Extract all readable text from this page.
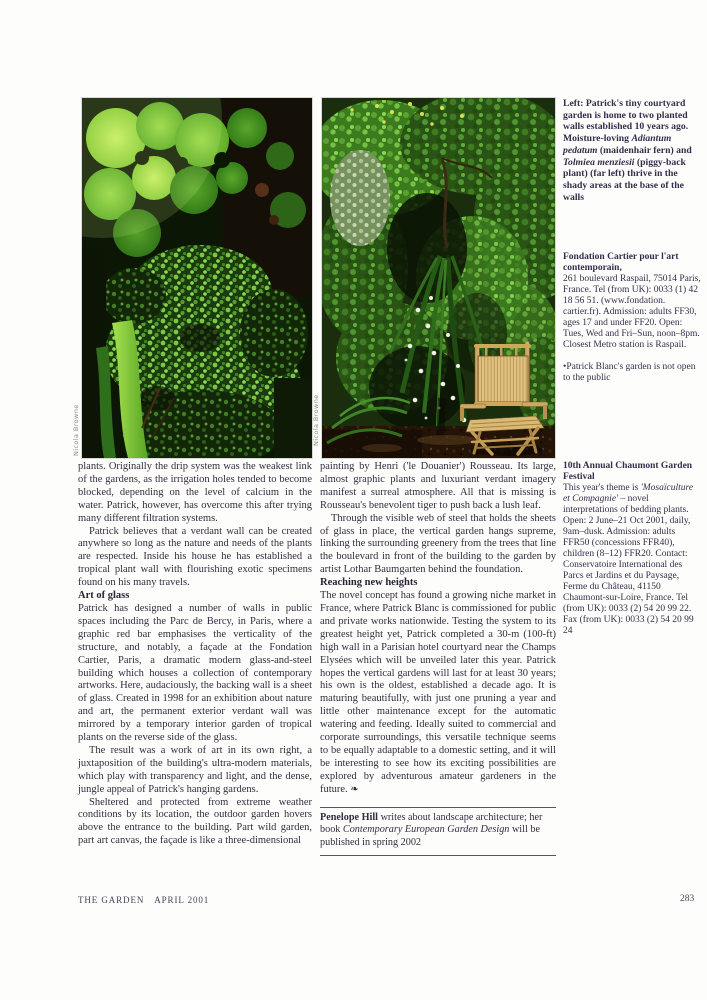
Nicola Browne	Nicola Browne
Left: Patrick's tiny courtyard garden is home to two planted walls established 10 years ago. Moisture-loving Adiantum pedatum (maidenhair fern) and Tolmiea menziesii (piggy-back plant) (far left) thrive in the shady areas at the base of the walls

Fondation Cartier pour l'art contemporain,

261 boulevard Raspail, 75014 Paris, France. Tel (from UK): 0033 (1) 42 18 56 51. (www.fondation. cartier.fr). Admission: adults FF30, ages 17 and under FF20. Open: Tues, Wed and Fri–Sun, noon–8pm. Closest Metro station is Raspail.

•Patrick Blanc's garden is not open to the public

10th Annual Chaumont Garden Festival

This year's theme is 'Mosaïculture et Compagnie' – novel interpretations of bedding plants. Open: 2 June–21 Oct 2001, daily, 9am–dusk. Admission: adults FFR50 (concessions FFR40), children (8–12) FFR20. Contact: Conservatoire International des Parcs et Jardins et du Paysage, Ferme du Château, 41150 Chaumont-sur-Loire, France. Tel (from UK): 0033 (2) 54 20 99 22. Fax (from UK): 0033 (2) 54 20 99 24

plants. Originally the drip system was the weakest link of the gardens, as the irrigation holes tended to become blocked, depending on the level of calcium in the water. Patrick, however, has overcome this after trying many different filtration systems.

Patrick believes that a verdant wall can be created anywhere so long as the nature and needs of the plants are respected. Inside his house he has established a tropical plant wall with flourishing exotic specimens found on his many travels.

Art of glass

Patrick has designed a number of walls in public spaces including the Parc de Bercy, in Paris, where a graphic red bar emphasises the verticality of the structure, and notably, a façade at the Fondation Cartier, Paris, a dramatic modern glass-and-steel building which houses a collection of contemporary artworks. Here, audaciously, the backing wall is a sheet of glass. Created in 1998 for an exhibition about nature and art, the permanent exterior verdant wall was mirrored by a temporary interior garden of tropical plants on the reverse side of the glass.

The result was a work of art in its own right, a juxtaposition of the building's ultra-modern materials, which play with transparency and light, and the dense, jungle appeal of Patrick's hanging gardens.

Sheltered and protected from extreme weather conditions by its location, the outdoor garden hovers above the entrance to the building. Part wild garden, part art canvas, the façade is like a three-dimensional

painting by Henri ('le Douanier') Rousseau. Its large, almost graphic plants and luxuriant verdant imagery manifest a surreal atmosphere. All that is missing is Rousseau's benevolent tiger to push back a lush leaf.

Through the visible web of steel that holds the sheets of glass in place, the vertical garden hangs supreme, linking the surrounding greenery from the trees that line the boulevard in front of the building to the garden by artist Lothar Baumgarten behind the foundation.

Reaching new heights

The novel concept has found a growing niche market in France, where Patrick Blanc is commissioned for public and private works nationwide. Testing the system to its greatest height yet, Patrick completed a 30-m (100-ft) high wall in a Parisian hotel courtyard near the Champs Elysées which will be unveiled later this year. Patrick hopes the vertical gardens will last for at least 30 years; his own is the oldest, established a decade ago. It is maturing beautifully, with just one pruning a year and little other maintenance except for the automatic watering and feeding. Ideally suited to commercial and corporate surroundings, this versatile technique seems to be equally adaptable to a domestic setting, and it will be interesting to see how its exciting possibilities are explored by adventurous amateur gardeners in the future. ❧

Penelope Hill writes about landscape architecture; her book Contemporary European Garden Design will be published in spring 2002
THE GARDEN APRIL 2001	283
